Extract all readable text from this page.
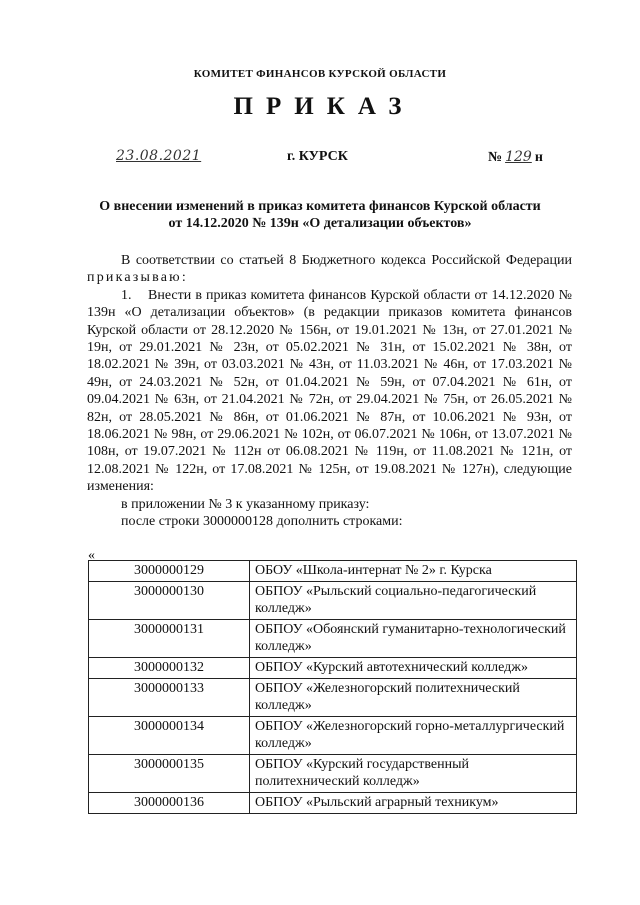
КОМИТЕТ ФИНАНСОВ КУРСКОЙ ОБЛАСТИ
ПРИКАЗ
23.08.2021	г. КУРСК	№ 129 н
О внесении изменений в приказ комитета финансов Курской области
от 14.12.2020 № 139н «О детализации объектов»

В соответствии со статьей 8 Бюджетного кодекса Российской Федерации приказываю:

1.    Внести в приказ комитета финансов Курской области от 14.12.2020 № 139н «О детализации объектов» (в редакции приказов комитета финансов Курской области от 28.12.2020 № 156н, от 19.01.2021 № 13н, от 27.01.2021 № 19н, от 29.01.2021 № 23н, от 05.02.2021 № 31н, от 15.02.2021 № 38н, от 18.02.2021 № 39н, от 03.03.2021 № 43н, от 11.03.2021 № 46н, от 17.03.2021 № 49н, от 24.03.2021 № 52н, от 01.04.2021 № 59н, от 07.04.2021 № 61н, от 09.04.2021 № 63н, от 21.04.2021 № 72н, от 29.04.2021 № 75н, от 26.05.2021 № 82н, от 28.05.2021 № 86н, от 01.06.2021 № 87н, от 10.06.2021 № 93н, от 18.06.2021 № 98н, от 29.06.2021 № 102н, от 06.07.2021 № 106н, от 13.07.2021 № 108н, от 19.07.2021 № 112н от 06.08.2021 № 119н, от 11.08.2021 № 121н, от 12.08.2021 № 122н, от 17.08.2021 № 125н, от 19.08.2021 № 127н), следующие изменения:

в приложении № 3 к указанному приказу:

после строки 3000000128 дополнить строками:

«
3000000129	ОБОУ «Школа-интернат № 2» г. Курска
3000000130	ОБПОУ «Рыльский социально-педагогический колледж»
3000000131	ОБПОУ «Обоянский гуманитарно-технологический колледж»
3000000132	ОБПОУ «Курский автотехнический колледж»
3000000133	ОБПОУ «Железногорский политехнический колледж»
3000000134	ОБПОУ «Железногорский горно-металлургический колледж»
3000000135	ОБПОУ «Курский государственный политехнический колледж»
3000000136	ОБПОУ «Рыльский аграрный техникум»
